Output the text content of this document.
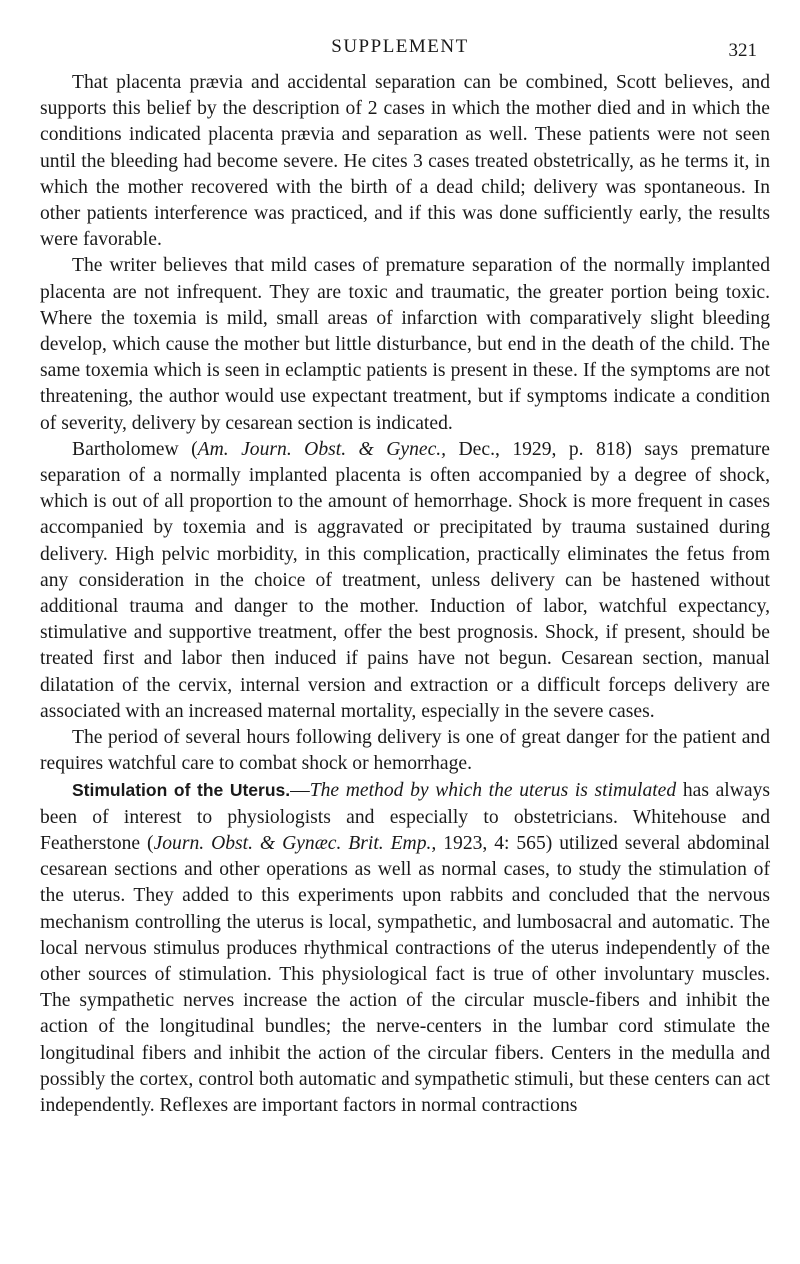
SUPPLEMENT	321

That placenta prævia and accidental separation can be combined, Scott believes, and supports this belief by the description of 2 cases in which the mother died and in which the conditions indicated placenta prævia and separation as well. These patients were not seen until the bleeding had become severe. He cites 3 cases treated obstetrically, as he terms it, in which the mother recovered with the birth of a dead child; delivery was spontaneous. In other patients interference was practiced, and if this was done sufficiently early, the results were favorable.

The writer believes that mild cases of premature separation of the normally implanted placenta are not infrequent. They are toxic and traumatic, the greater portion being toxic. Where the toxemia is mild, small areas of infarction with comparatively slight bleeding develop, which cause the mother but little disturbance, but end in the death of the child. The same toxemia which is seen in eclamptic patients is present in these. If the symptoms are not threatening, the author would use expectant treatment, but if symptoms indicate a condition of severity, delivery by cesarean section is indicated.

Bartholomew (Am. Journ. Obst. & Gynec., Dec., 1929, p. 818) says premature separation of a normally implanted placenta is often accompanied by a degree of shock, which is out of all proportion to the amount of hemorrhage. Shock is more frequent in cases accompanied by toxemia and is aggravated or precipitated by trauma sustained during delivery. High pelvic morbidity, in this complication, practically eliminates the fetus from any consideration in the choice of treatment, unless delivery can be hastened without additional trauma and danger to the mother. Induction of labor, watchful expectancy, stimulative and supportive treatment, offer the best prognosis. Shock, if present, should be treated first and labor then induced if pains have not begun. Cesarean section, manual dilatation of the cervix, internal version and extraction or a difficult forceps delivery are associated with an increased maternal mortality, especially in the severe cases.

The period of several hours following delivery is one of great danger for the patient and requires watchful care to combat shock or hemorrhage.

Stimulation of the Uterus.—The method by which the uterus is stimulated has always been of interest to physiologists and especially to obstetricians. Whitehouse and Featherstone (Journ. Obst. & Gynæc. Brit. Emp., 1923, 4: 565) utilized several abdominal cesarean sections and other operations as well as normal cases, to study the stimulation of the uterus. They added to this experiments upon rabbits and concluded that the nervous mechanism controlling the uterus is local, sympathetic, and lumbosacral and automatic. The local nervous stimulus produces rhythmical contractions of the uterus independently of the other sources of stimulation. This physiological fact is true of other involuntary muscles. The sympathetic nerves increase the action of the circular muscle-fibers and inhibit the action of the longitudinal bundles; the nerve-centers in the lumbar cord stimulate the longitudinal fibers and inhibit the action of the circular fibers. Centers in the medulla and possibly the cortex, control both automatic and sympathetic stimuli, but these centers can act independently. Reflexes are important factors in normal contractions
